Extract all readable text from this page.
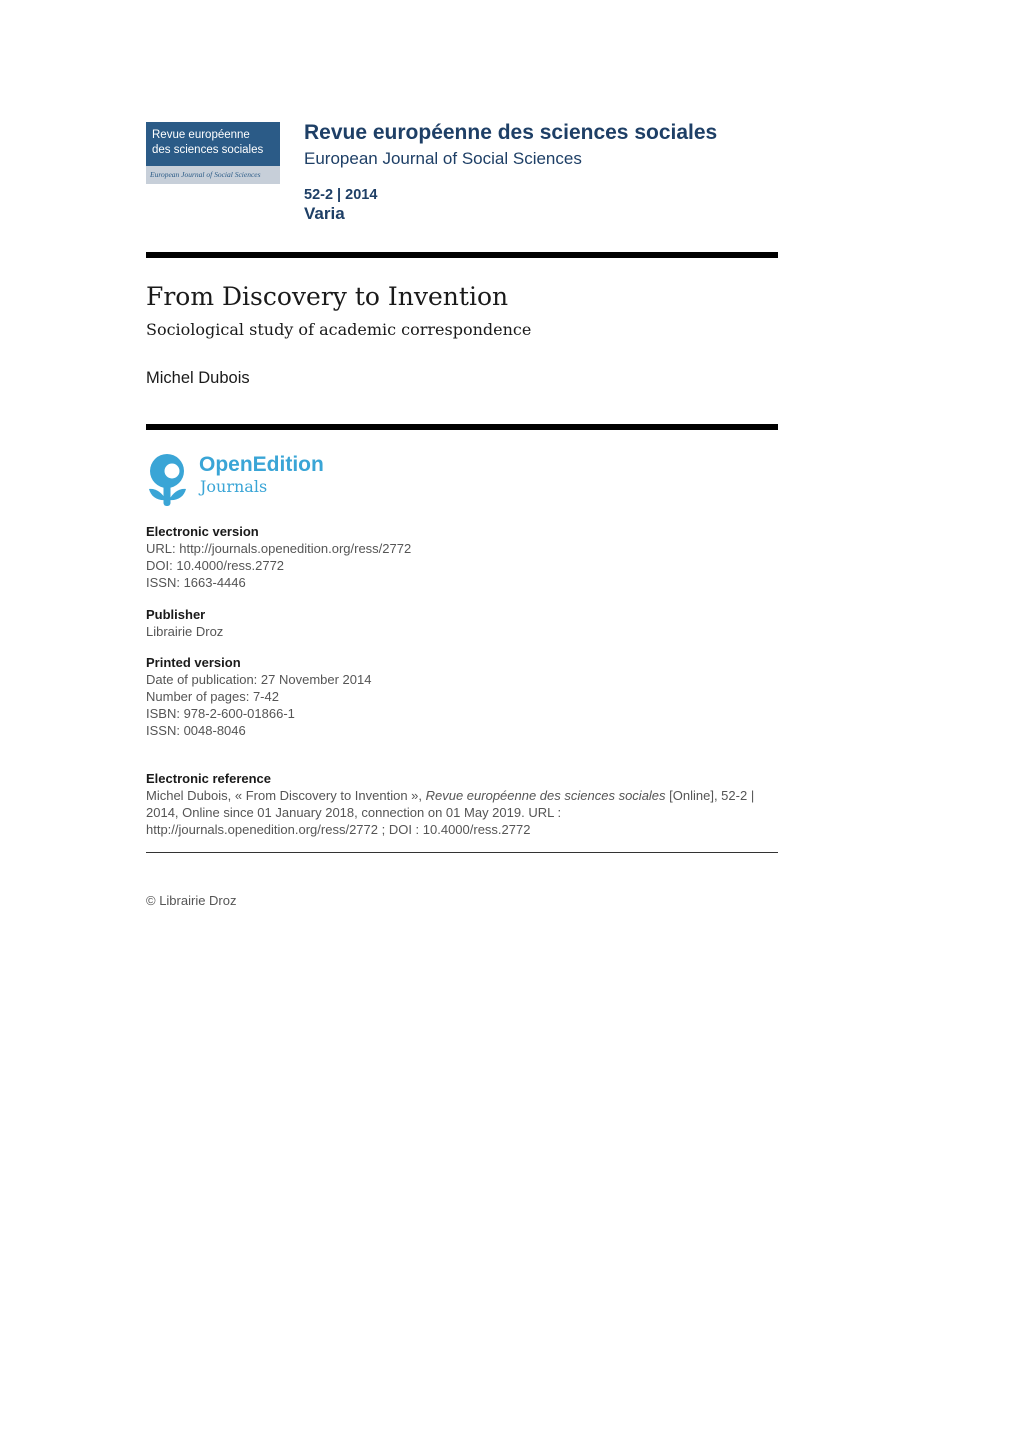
Revue européenne
des sciences sociales
European Journal of Social Sciences
Revue européenne des sciences sociales
European Journal of Social Sciences
52-2 | 2014
Varia
From Discovery to Invention
Sociological study of academic correspondence
Michel Dubois
OpenEdition
Journals
Electronic version
URL: http://journals.openedition.org/ress/2772
DOI: 10.4000/ress.2772
ISSN: 1663-4446
Publisher
Librairie Droz
Printed version
Date of publication: 27 November 2014
Number of pages: 7-42
ISBN: 978-2-600-01866-1
ISSN: 0048-8046
Electronic reference
Michel Dubois, « From Discovery to Invention », Revue européenne des sciences sociales [Online], 52-2 | 2014, Online since 01 January 2018, connection on 01 May 2019. URL : http://journals.openedition.org/ress/2772 ; DOI : 10.4000/ress.2772
© Librairie Droz
